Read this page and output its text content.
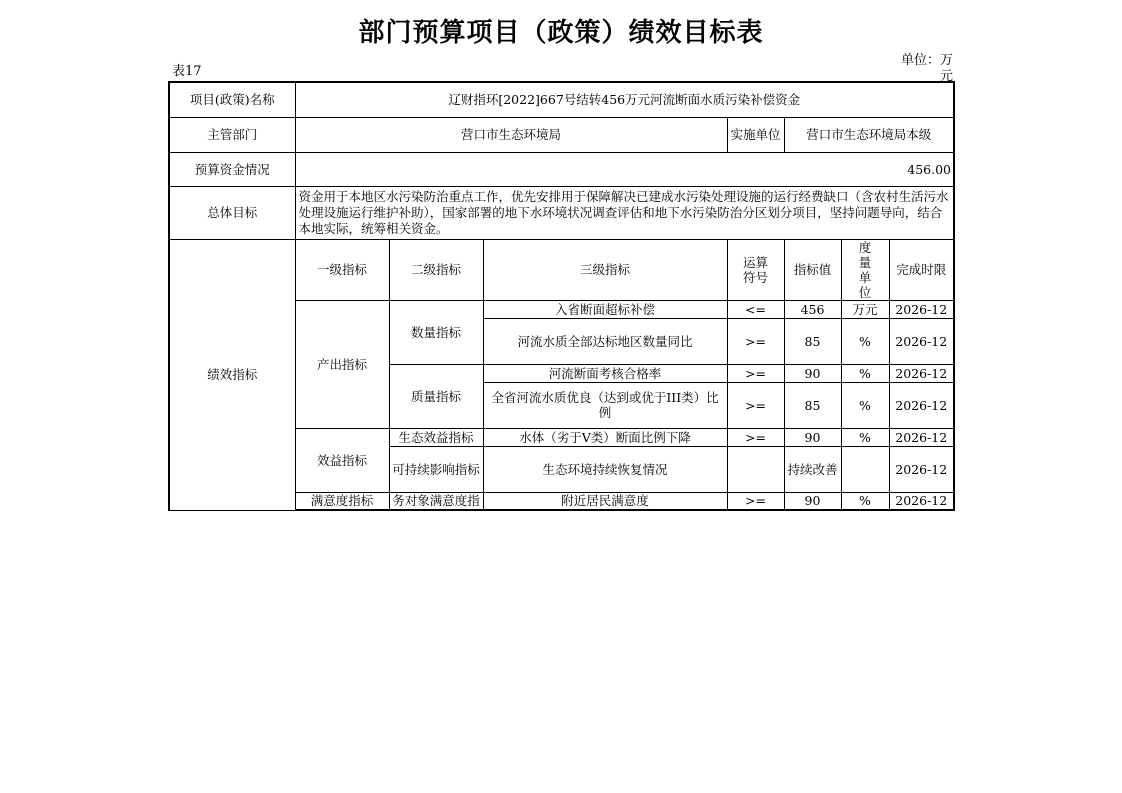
部门预算项目（政策）绩效目标表
表17
单位：万
元
项目(政策)名称	辽财指环[2022]667号结转456万元河流断面水质污染补偿资金						
主管部门	营口市生态环境局			实施单位	营口市生态环境局本级		
预算资金情况	456.00						
总体目标	资金用于本地区水污染防治重点工作，优先安排用于保障解决已建成水污染处理设施的运行经费缺口（含农村生活污水处理设施运行维护补助），国家部署的地下水环境状况调查评估和地下水污染防治分区划分项目，坚持问题导向，结合本地实际，统筹相关资金。						
绩效指标	一级指标	二级指标	三级指标	运算符号	指标值	度量单位	完成时限
	产出指标	数量指标	入省断面超标补偿	<=	456	万元	2026-12
			河流水质全部达标地区数量同比	>=	85	%	2026-12
		质量指标	河流断面考核合格率	>=	90	%	2026-12
			全省河流水质优良（达到或优于III类）比例	>=	85	%	2026-12
	效益指标	生态效益指标	水体（劣于V类）断面比例下降	>=	90	%	2026-12
		可持续影响指标	生态环境持续恢复情况		持续改善		2026-12
	满意度指标	务对象满意度指	附近居民满意度	>=	90	%	2026-12
